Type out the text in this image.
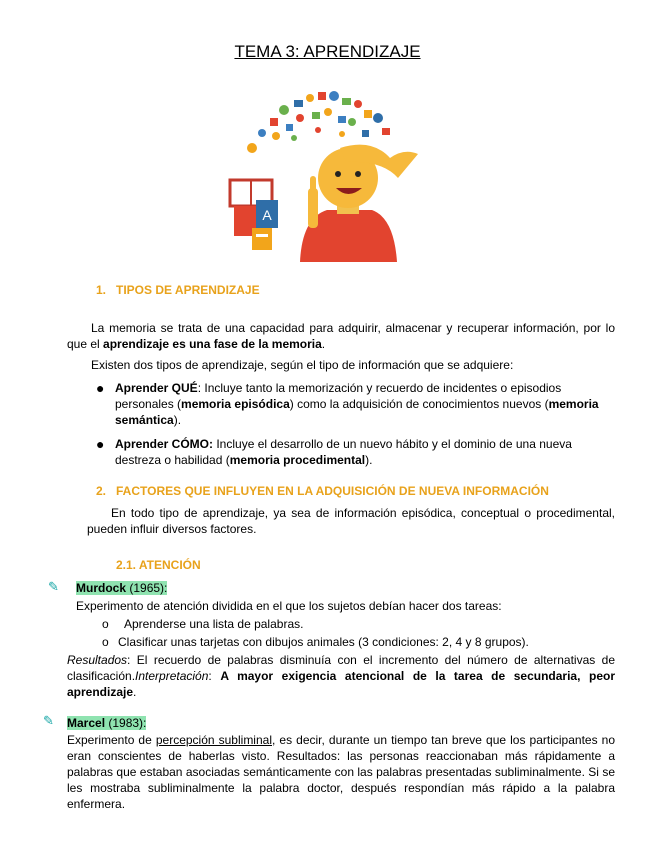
TEMA 3: APRENDIZAJE
A
1.   TIPOS DE APRENDIZAJE
La memoria se trata de una capacidad para adquirir, almacenar y recuperar información, por lo que el aprendizaje es una fase de la memoria.
Existen dos tipos de aprendizaje, según el tipo de información que se adquiere:
● Aprender QUÉ: Incluye tanto la memorización y recuerdo de incidentes o episodios personales (memoria episódica) como la adquisición de conocimientos nuevos (memoria semántica).
● Aprender CÓMO: Incluye el desarrollo de un nuevo hábito y el dominio de una nueva destreza o habilidad (memoria procedimental).
2.   FACTORES QUE INFLUYEN EN LA ADQUISICIÓN DE NUEVA INFORMACIÓN
En todo tipo de aprendizaje, ya sea de información episódica, conceptual o procedimental, pueden influir diversos factores.
2.1. ATENCIÓN
✎ Murdock (1965):
Experimento de atención dividida en el que los sujetos debían hacer dos tareas:
o Aprenderse una lista de palabras.
o Clasificar unas tarjetas con dibujos animales (3 condiciones: 2, 4 y 8 grupos).
Resultados: El recuerdo de palabras disminuía con el incremento del número de alternativas de clasificación.Interpretación: A mayor exigencia atencional de la tarea de secundaria, peor aprendizaje.
✎ Marcel (1983):
Experimento de percepción subliminal, es decir, durante un tiempo tan breve que los participantes no eran conscientes de haberlas visto. Resultados: las personas reaccionaban más rápidamente a palabras que estaban asociadas semánticamente con las palabras presentadas subliminalmente. Si se les mostraba subliminalmente la palabra doctor, después respondían más rápido a la palabra enfermera.
